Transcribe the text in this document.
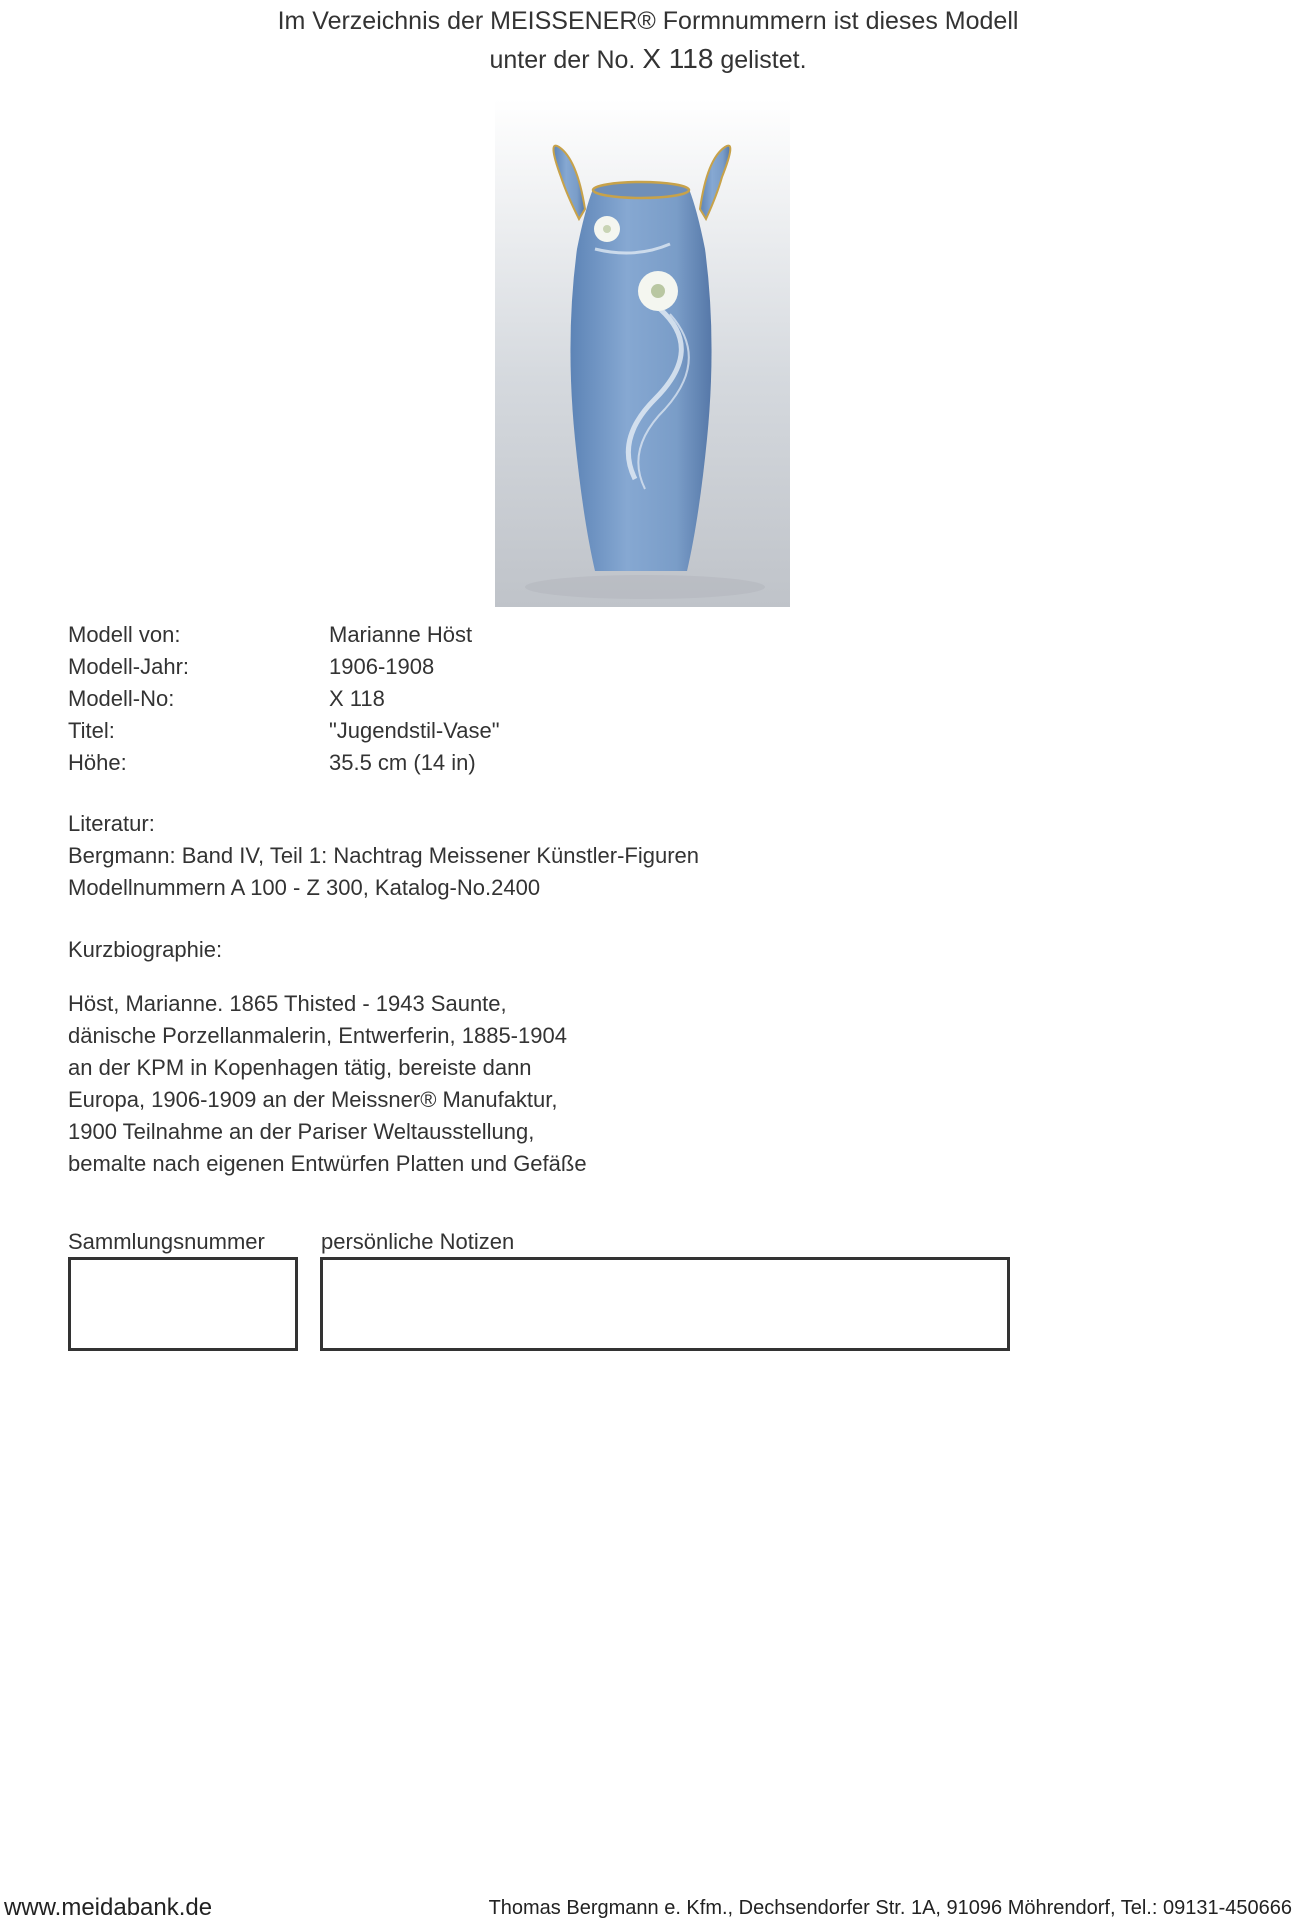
Im Verzeichnis der MEISSENER® Formnummern ist dieses Modell
unter der No. X 118 gelistet.
Modell von:	Marianne Höst
Modell-Jahr:	1906-1908
Modell-No:	X 118
Titel:	"Jugendstil-Vase"
Höhe:	35.5 cm (14 in)
Literatur:
Bergmann: Band IV, Teil 1: Nachtrag Meissener Künstler-Figuren
Modellnummern A 100 - Z 300, Katalog-No.2400
Kurzbiographie:
Höst, Marianne. 1865 Thisted - 1943 Saunte,
dänische Porzellanmalerin, Entwerferin, 1885-1904
an der KPM in Kopenhagen tätig, bereiste dann
Europa, 1906-1909 an der Meissner® Manufaktur,
1900 Teilnahme an der Pariser Weltausstellung,
bemalte nach eigenen Entwürfen Platten und Gefäße
Sammlungsnummer	persönliche Notizen
www.meidabank.de	Thomas Bergmann e. Kfm., Dechsendorfer Str. 1A, 91096 Möhrendorf, Tel.: 09131-450666
